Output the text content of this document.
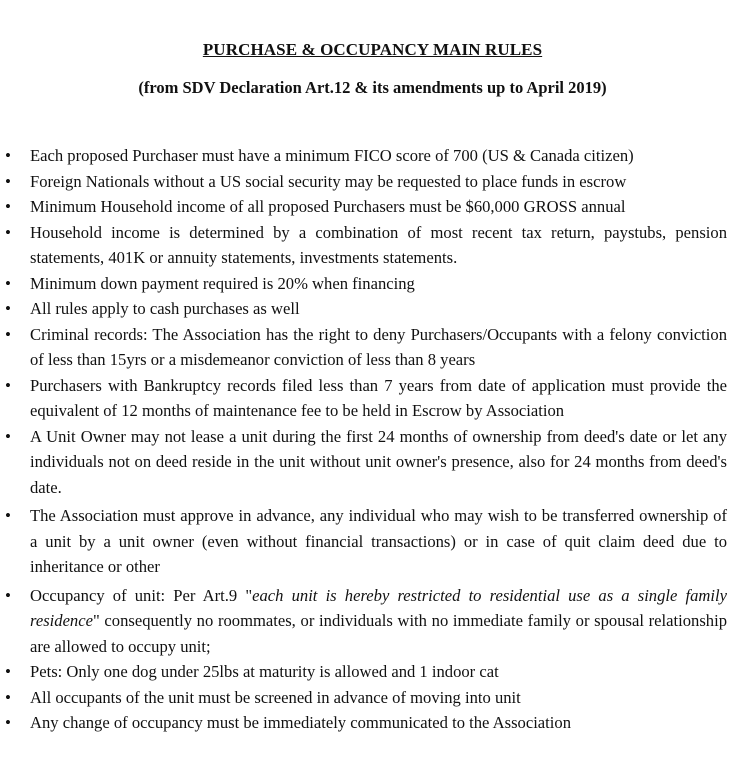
PURCHASE & OCCUPANCY MAIN RULES
(from SDV Declaration Art.12 & its amendments up to April 2019)
• Each proposed Purchaser must have a minimum FICO score of 700 (US & Canada citizen)
• Foreign Nationals without a US social security may be requested to place funds in escrow
• Minimum Household income of all proposed Purchasers must be $60,000 GROSS annual
• Household income is determined by a combination of most recent tax return, paystubs, pension statements, 401K or annuity statements, investments statements.
• Minimum down payment required is 20% when financing
• All rules apply to cash purchases as well
• Criminal records: The Association has the right to deny Purchasers/Occupants with a felony conviction of less than 15yrs or a misdemeanor conviction of less than 8 years
• Purchasers with Bankruptcy records filed less than 7 years from date of application must provide the equivalent of 12 months of maintenance fee to be held in Escrow by Association
• A Unit Owner may not lease a unit during the first 24 months of ownership from deed's date or let any individuals not on deed reside in the unit without unit owner's presence, also for 24 months from deed's date.
• The Association must approve in advance, any individual who may wish to be transferred ownership of a unit by a unit owner (even without financial transactions) or in case of quit claim deed due to inheritance or other
• Occupancy of unit: Per Art.9 "each unit is hereby restricted to residential use as a single family residence" consequently no roommates, or individuals with no immediate family or spousal relationship are allowed to occupy unit;
• Pets: Only one dog under 25lbs at maturity is allowed and 1 indoor cat
• All occupants of the unit must be screened in advance of moving into unit
• Any change of occupancy must be immediately communicated to the Association
